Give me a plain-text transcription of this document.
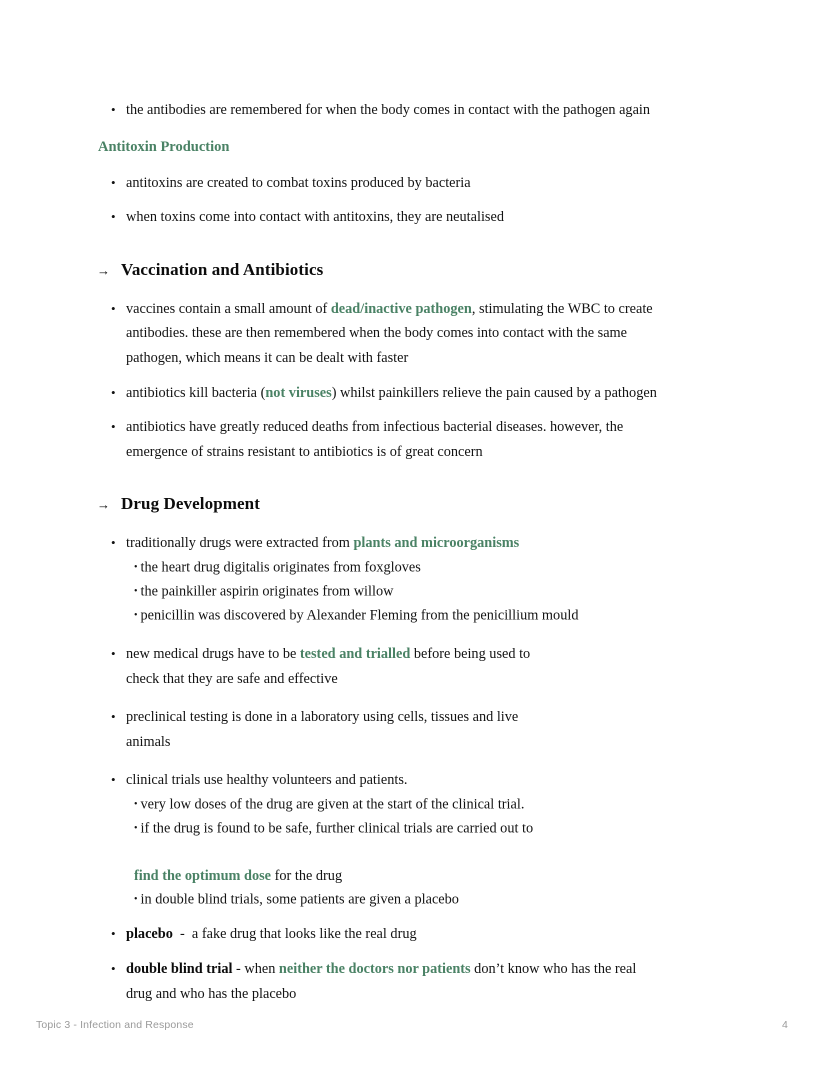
• the antibodies are remembered for when the body comes in contact with the pathogen again
Antitoxin Production
• antitoxins are created to combat toxins produced by bacteria
• when toxins come into contact with antitoxins, they are neutalised
→ Vaccination and Antibiotics
• vaccines contain a small amount of dead/inactive pathogen, stimulating the WBC to create
antibodies. these are then remembered when the body comes into contact with the same
pathogen, which means it can be dealt with faster
• antibiotics kill bacteria (not viruses) whilst painkillers relieve the pain caused by a pathogen
• antibiotics have greatly reduced deaths from infectious bacterial diseases. however, the
emergence of strains resistant to antibiotics is of great concern
→ Drug Development
• traditionally drugs were extracted from plants and microorganisms
• the heart drug digitalis originates from foxgloves
• the painkiller aspirin originates from willow
• penicillin was discovered by Alexander Fleming from the penicillium mould
• new medical drugs have to be tested and trialled before being used to
check that they are safe and effective
• preclinical testing is done in a laboratory using cells, tissues and live
animals
• clinical trials use healthy volunteers and patients.
• very low doses of the drug are given at the start of the clinical trial.
• if the drug is found to be safe, further clinical trials are carried out to
find the optimum dose for the drug
• in double blind trials, some patients are given a placebo
• placebo  -  a fake drug that looks like the real drug
• double blind trial - when neither the doctors nor patients don’t know who has the real
drug and who has the placebo
Topic 3 - Infection and Response	4
